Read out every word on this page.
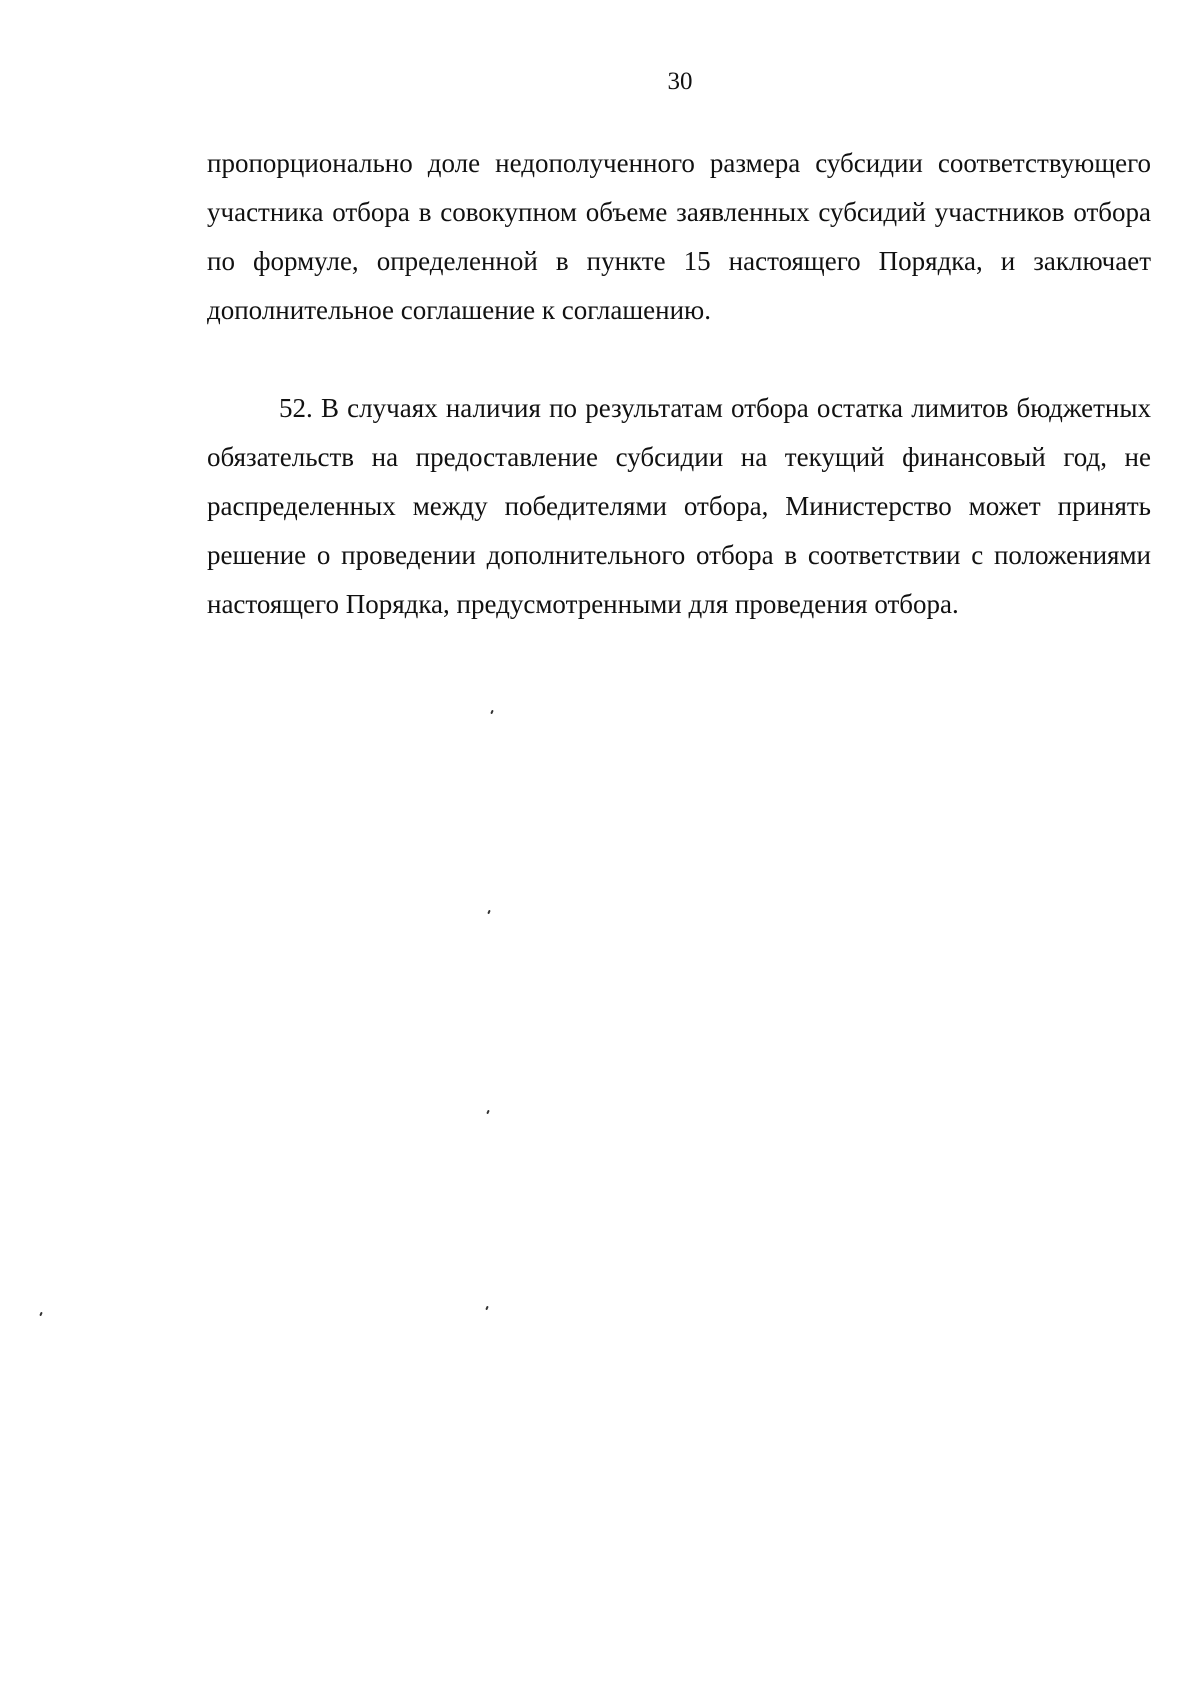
30

пропорционально доле недополученного размера субсидии соответствующего участника отбора в совокупном объеме заявленных субсидий участников отбора по формуле, определенной в пункте 15 настоящего Порядка, и заключает дополнительное соглашение к соглашению.

52. В случаях наличия по результатам отбора остатка лимитов бюджетных обязательств на предоставление субсидии на текущий финансовый год, не распределенных между победителями отбора, Министерство может принять решение о проведении дополнительного отбора в соответствии с положениями настоящего Порядка, предусмотренными для проведения отбора.
